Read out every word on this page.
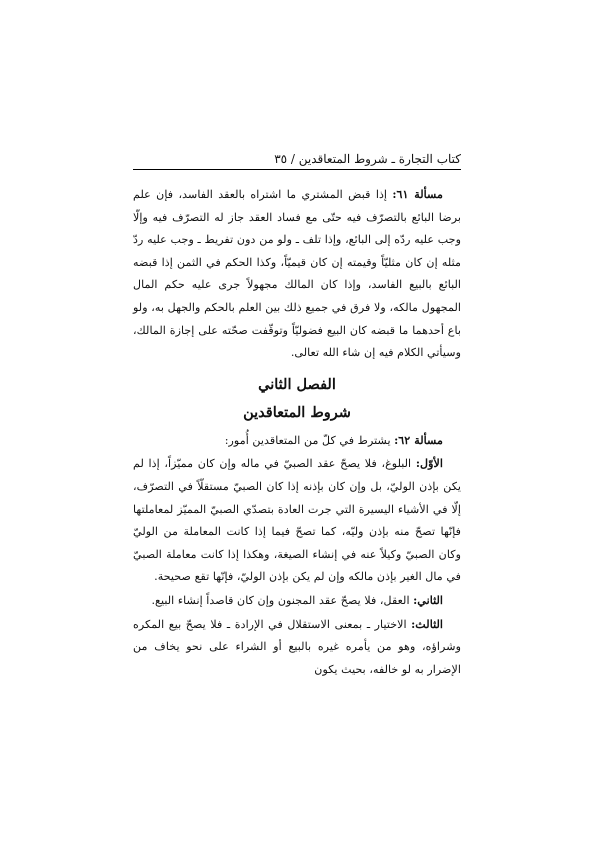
كتاب التجارة ـ شروط المتعاقدين / ٣٥

مسألة ٦١: إذا قبض المشتري ما اشتراه بالعقد الفاسد، فإن علم برضا البائع بالتصرّف فيه حتّى مع فساد العقد جاز له التصرّف فيه وإلّا وجب عليه ردّه إلى البائع، وإذا تلف ـ ولو من دون تفريط ـ وجب عليه ردّ مثله إن كان مثليّاً وقيمته إن كان قيميّاً، وكذا الحكم في الثمن إذا قبضه البائع بالبيع الفاسد، وإذا كان المالك مجهولاً جرى عليه حكم المال المجهول مالكه، ولا فرق في جميع ذلك بين العلم بالحكم والجهل به، ولو باع أحدهما ما قبضه كان البيع فضوليّاً وتوقّفت صحّته على إجازة المالك، وسيأتي الكلام فيه إن شاء الله تعالى.

الفصل الثاني
شروط المتعاقدين

مسألة ٦٢: يشترط في كلّ من المتعاقدين أُمور:

الأوّل: البلوغ، فلا يصحّ عقد الصبيّ في ماله وإن كان مميّزاً، إذا لم يكن بإذن الوليّ، بل وإن كان بإذنه إذا كان الصبيّ مستقلّاً في التصرّف، إلّا في الأشياء اليسيرة التي جرت العادة بتصدّي الصبيّ المميّز لمعاملتها فإنّها تصحّ منه بإذن وليّه، كما تصحّ فيما إذا كانت المعاملة من الوليّ وكان الصبيّ وكيلاً عنه في إنشاء الصيغة، وهكذا إذا كانت معاملة الصبيّ في مال الغير بإذن مالكه وإن لم يكن بإذن الوليّ، فإنّها تقع صحيحة.

الثاني: العقل، فلا يصحّ عقد المجنون وإن كان قاصداً إنشاء البيع.

الثالث: الاختيار ـ بمعنى الاستقلال في الإرادة ـ فلا يصحّ بيع المكره وشراؤه، وهو من يأمره غيره بالبيع أو الشراء على نحو يخاف من الإضرار به لو خالفه، بحيث يكون
